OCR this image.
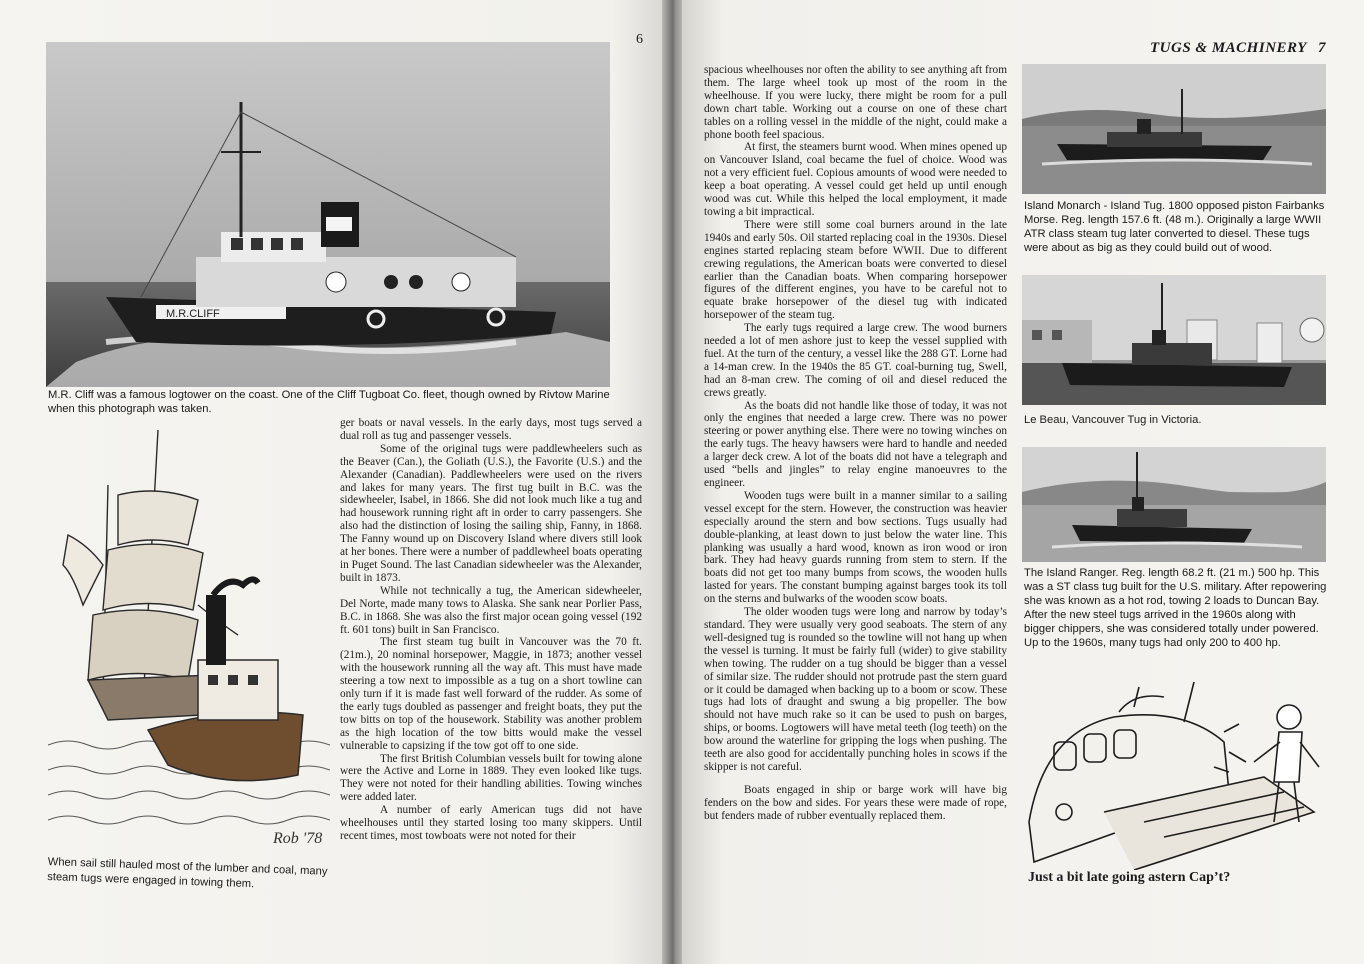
6
M.R.CLIFF
M.R. Cliff was a famous logtower on the coast. One of the Cliff Tugboat Co. fleet, though owned by Rivtow Marine when this photograph was taken.
Rob '78
When sail still hauled most of the lumber and coal, many steam tugs were engaged in towing them.

ger boats or naval vessels. In the early days, most tugs served a dual roll as tug and passenger vessels.

Some of the original tugs were paddlewheelers such as the Beaver (Can.), the Goliath (U.S.), the Favorite (U.S.) and the Alexander (Canadian). Paddlewheelers were used on the rivers and lakes for many years. The first tug built in B.C. was the sidewheeler, Isabel, in 1866. She did not look much like a tug and had housework running right aft in order to carry passengers. She also had the distinction of losing the sailing ship, Fanny, in 1868. The Fanny wound up on Discovery Island where divers still look at her bones. There were a number of paddlewheel boats operating in Puget Sound. The last Canadian sidewheeler was the Alexander, built in 1873.

While not technically a tug, the American sidewheeler, Del Norte, made many tows to Alaska. She sank near Porlier Pass, B.C. in 1868. She was also the first major ocean going vessel (192 ft. 601 tons) built in San Francisco.

The first steam tug built in Vancouver was the 70 ft.(21m.), 20 nominal horsepower, Maggie, in 1873; another vessel with the housework running all the way aft. This must have made steering a tow next to impossible as a tug on a short towline can only turn if it is made fast well forward of the rudder. As some of the early tugs doubled as passenger and freight boats, they put the tow bitts on top of the housework. Stability was another problem as the high location of the tow bitts would make the vessel vulnerable to capsizing if the tow got off to one side.

The first British Columbian vessels built for towing alone were the Active and Lorne in 1889. They even looked like tugs. They were not noted for their handling abilities. Towing winches were added later.

A number of early American tugs did not have wheelhouses until they started losing too many skippers. Until recent times, most towboats were not noted for their

TUGS & MACHINERY 7

spacious wheelhouses nor often the ability to see anything aft from them. The large wheel took up most of the room in the wheelhouse. If you were lucky, there might be room for a pull down chart table. Working out a course on one of these chart tables on a rolling vessel in the middle of the night, could make a phone booth feel spacious.

At first, the steamers burnt wood. When mines opened up on Vancouver Island, coal became the fuel of choice. Wood was not a very efficient fuel. Copious amounts of wood were needed to keep a boat operating. A vessel could get held up until enough wood was cut. While this helped the local employment, it made towing a bit impractical.

There were still some coal burners around in the late 1940s and early 50s. Oil started replacing coal in the 1930s. Diesel engines started replacing steam before WWII. Due to different crewing regulations, the American boats were converted to diesel earlier than the Canadian boats. When comparing horsepower figures of the different engines, you have to be careful not to equate brake horsepower of the diesel tug with indicated horsepower of the steam tug.

The early tugs required a large crew. The wood burners needed a lot of men ashore just to keep the vessel supplied with fuel. At the turn of the century, a vessel like the 288 GT. Lorne had a 14-man crew. In the 1940s the 85 GT. coal-burning tug, Swell, had an 8-man crew. The coming of oil and diesel reduced the crews greatly.

As the boats did not handle like those of today, it was not only the engines that needed a large crew. There was no power steering or power anything else. There were no towing winches on the early tugs. The heavy hawsers were hard to handle and needed a larger deck crew. A lot of the boats did not have a telegraph and used “bells and jingles” to relay engine manoeuvres to the engineer.

Wooden tugs were built in a manner similar to a sailing vessel except for the stern. However, the construction was heavier especially around the stern and bow sections. Tugs usually had double-planking, at least down to just below the water line. This planking was usually a hard wood, known as iron wood or iron bark. They had heavy guards running from stem to stern. If the boats did not get too many bumps from scows, the wooden hulls lasted for years. The constant bumping against barges took its toll on the sterns and bulwarks of the wooden scow boats.

The older wooden tugs were long and narrow by today’s standard. They were usually very good seaboats. The stern of any well-designed tug is rounded so the towline will not hang up when the vessel is turning. It must be fairly full (wider) to give stability when towing. The rudder on a tug should be bigger than a vessel of similar size. The rudder should not protrude past the stern guard or it could be damaged when backing up to a boom or scow. These tugs had lots of draught and swung a big propeller. The bow should not have much rake so it can be used to push on barges, ships, or booms. Logtowers will have metal teeth (log teeth) on the bow around the waterline for gripping the logs when pushing. The teeth are also good for accidentally punching holes in scows if the skipper is not careful.

Boats engaged in ship or barge work will have big fenders on the bow and sides. For years these were made of rope, but fenders made of rubber eventually replaced them.

Island Monarch - Island Tug. 1800 opposed piston Fairbanks Morse. Reg. length 157.6 ft. (48 m.). Originally a large WWII ATR class steam tug later converted to diesel. These tugs were about as big as they could build out of wood.
Le Beau, Vancouver Tug in Victoria.
The Island Ranger. Reg. length 68.2 ft. (21 m.) 500 hp. This was a ST class tug built for the U.S. military. After repowering she was known as a hot rod, towing 2 loads to Duncan Bay. After the new steel tugs arrived in the 1960s along with bigger chippers, she was considered totally under powered. Up to the 1960s, many tugs had only 200 to 400 hp.
Just a bit late going astern Cap’t?
